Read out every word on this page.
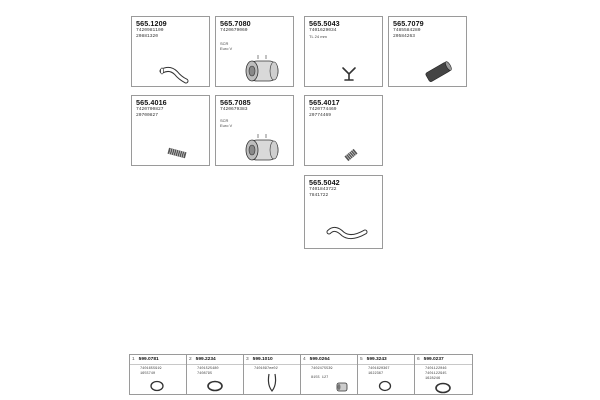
565.1209
7420981100
20881320
565.7080
7420679060
SCR
Euro V
565.5043
7401629034
TL 24 mm
565.7079
7485584280
20584263
565.4016
7420700827
20700827
565.7085
7420679383
SCR
Euro V
565.4017
7420774469
20774469
565.5042
7401843722
7841722
1 599.0781
7401655919
1655740
2 599.2234
7401525480
7408795
3 599.1010
7401097ee02
4 599.0264
7402475539
8155 127
5 599.3243
7401620367
1622367
6 599.0237
7401122046
7401122945
1628246
